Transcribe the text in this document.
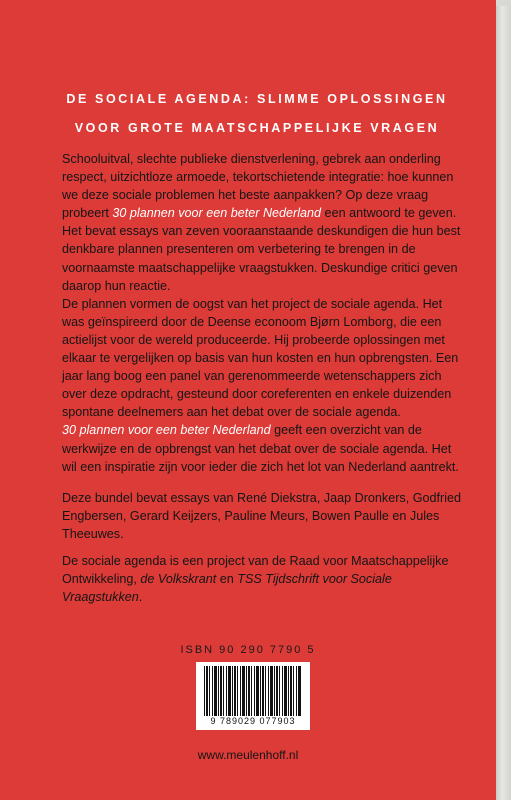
DE SOCIALE AGENDA: SLIMME OPLOSSINGEN
VOOR GROTE MAATSCHAPPELIJKE VRAGEN

Schooluitval, slechte publieke dienstverlening, gebrek aan onderling respect, uitzichtloze armoede, tekortschietende integratie: hoe kunnen we deze sociale problemen het beste aanpakken? Op deze vraag probeert 30 plannen voor een beter Nederland een antwoord te geven. Het bevat essays van zeven vooraanstaande deskundigen die hun best denkbare plannen presenteren om verbetering te brengen in de voornaamste maatschappelijke vraagstukken. Deskundige critici geven daarop hun reactie.

De plannen vormen de oogst van het project de sociale agenda. Het was geïnspireerd door de Deense econoom Bjørn Lomborg, die een actielijst voor de wereld produceerde. Hij probeerde oplossingen met elkaar te vergelijken op basis van hun kosten en hun opbrengsten. Een jaar lang boog een panel van gerenommeerde wetenschappers zich over deze opdracht, gesteund door coreferenten en enkele duizenden spontane deelnemers aan het debat over de sociale agenda.

30 plannen voor een beter Nederland geeft een overzicht van de werkwijze en de opbrengst van het debat over de sociale agenda. Het wil een inspiratie zijn voor ieder die zich het lot van Nederland aantrekt.

Deze bundel bevat essays van René Diekstra, Jaap Dronkers, Godfried Engbersen, Gerard Keijzers, Pauline Meurs, Bowen Paulle en Jules Theeuwes.
De sociale agenda is een project van de Raad voor Maatschappelijke Ontwikkeling, de Volkskrant en TSS Tijdschrift voor Sociale Vraagstukken.
ISBN 90 290 7790 5
9 789029 077903
www.meulenhoff.nl
